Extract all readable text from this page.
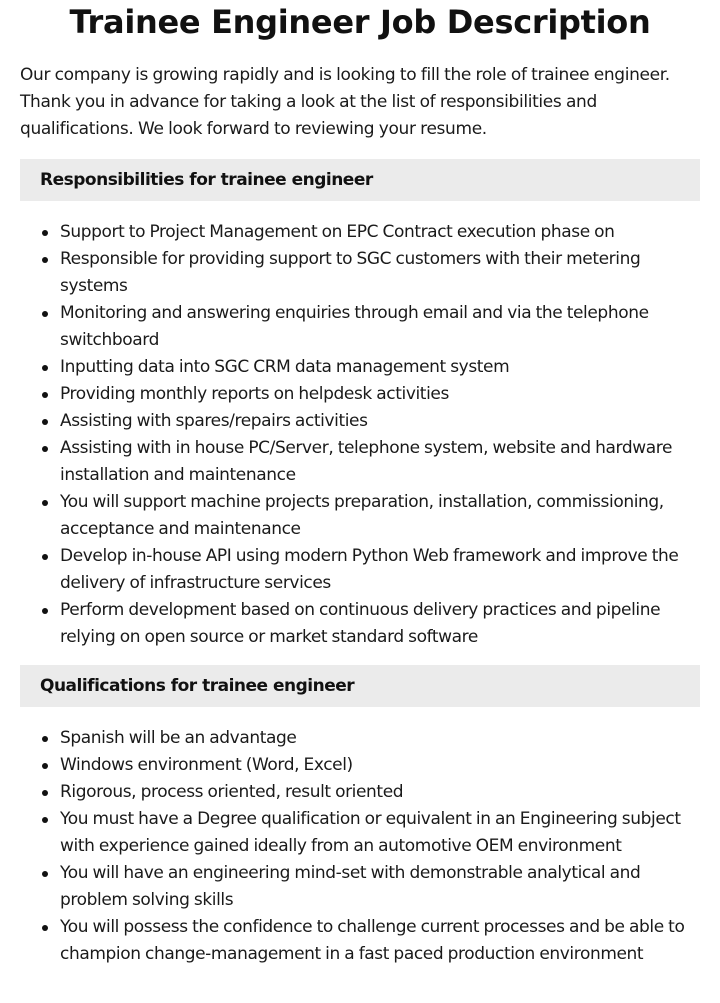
Trainee Engineer Job Description

Our company is growing rapidly and is looking to fill the role of trainee engineer. Thank you in advance for taking a look at the list of responsibilities and qualifications. We look forward to reviewing your resume.

Responsibilities for trainee engineer
Support to Project Management on EPC Contract execution phase on
Responsible for providing support to SGC customers with their metering systems
Monitoring and answering enquiries through email and via the telephone switchboard
Inputting data into SGC CRM data management system
Providing monthly reports on helpdesk activities
Assisting with spares/repairs activities
Assisting with in house PC/Server, telephone system, website and hardware installation and maintenance
You will support machine projects preparation, installation, commissioning, acceptance and maintenance
Develop in-house API using modern Python Web framework and improve the delivery of infrastructure services
Perform development based on continuous delivery practices and pipeline relying on open source or market standard software
Qualifications for trainee engineer
Spanish will be an advantage
Windows environment (Word, Excel)
Rigorous, process oriented, result oriented
You must have a Degree qualification or equivalent in an Engineering subject with experience gained ideally from an automotive OEM environment
You will have an engineering mind-set with demonstrable analytical and problem solving skills
You will possess the confidence to challenge current processes and be able to champion change-management in a fast paced production environment
